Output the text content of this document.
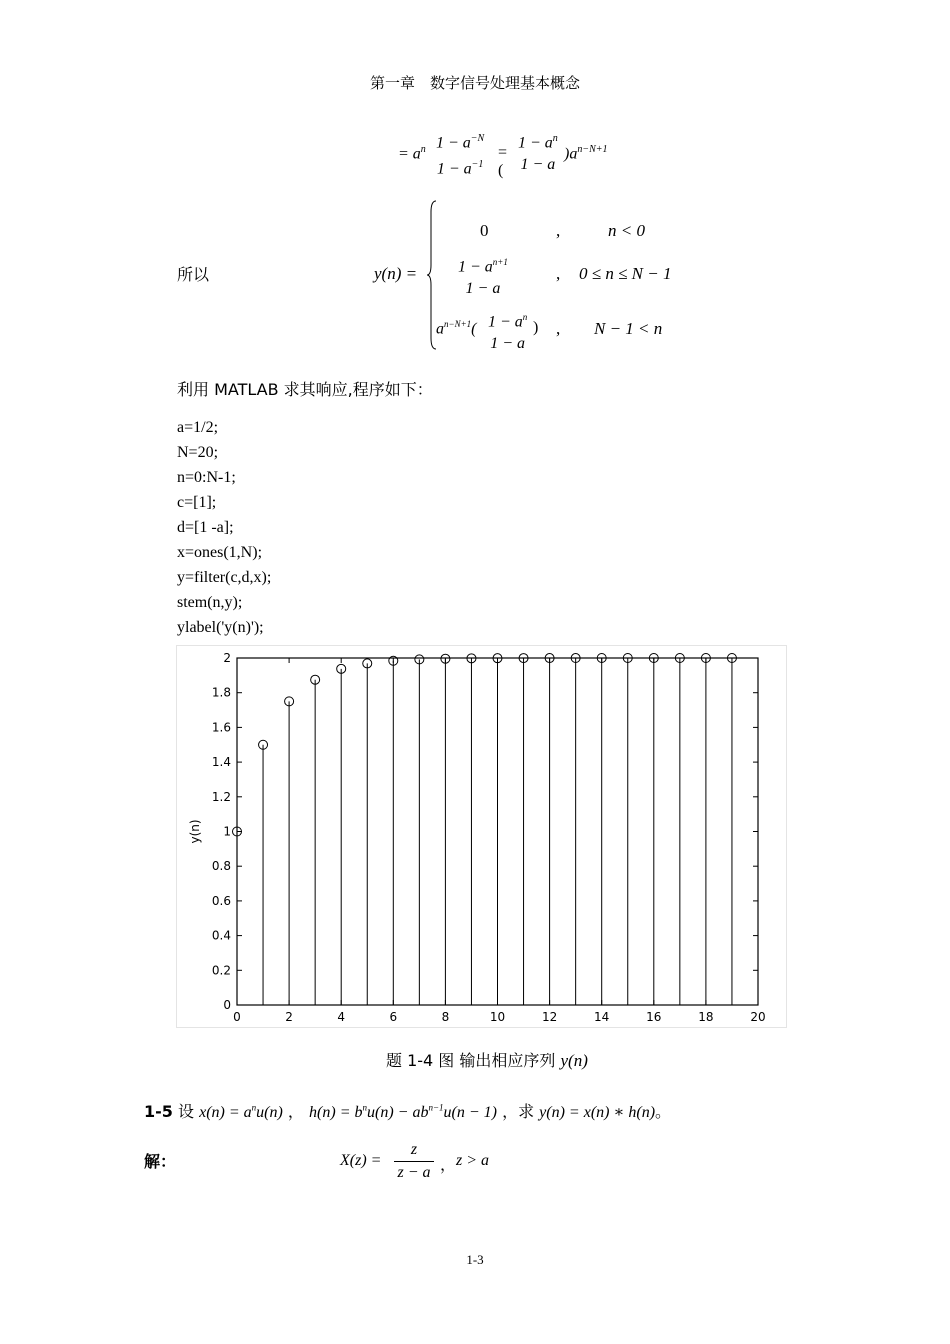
第一章　数字信号处理基本概念
= $a^n$ $1 - a^{-N}$
$1 - a^{-1}$
= (
$1 - a^n$
1 − a
)$a^{n-N+1}$
所以	y(n) =
0	,	n < 0
$1 - a^{n+1}$
1 − a
, 0 ≤ n ≤ N − 1
$a^{n-N+1}$( $1 - a^n$
1 − a
) , N − 1 < n
利用 MATLAB 求其响应,程序如下：
a=1/2;
N=20;
n=0:N-1;
c=[1];
d=[1 -a];
x=ones(1,N);
y=filter(c,d,x);
stem(n,y);
ylabel('y(n)');
0	2	4	6	8	10	12	14	16	18	20
0
0.2
0.4
0.6
0.8
1
1.2
1.4
1.6
1.8
2
y(n)
题 1-4 图 输出相应序列 y(n)
1-5 设 $x(n) = a^nu(n)$ ， $h(n) = b^nu(n) - ab^{n-1}u(n - 1)$ ，求 y(n) = x(n) ∗ h(n)。
解：	$X(z) = \frac{z}{z - a}$ ， z > a
1-3
